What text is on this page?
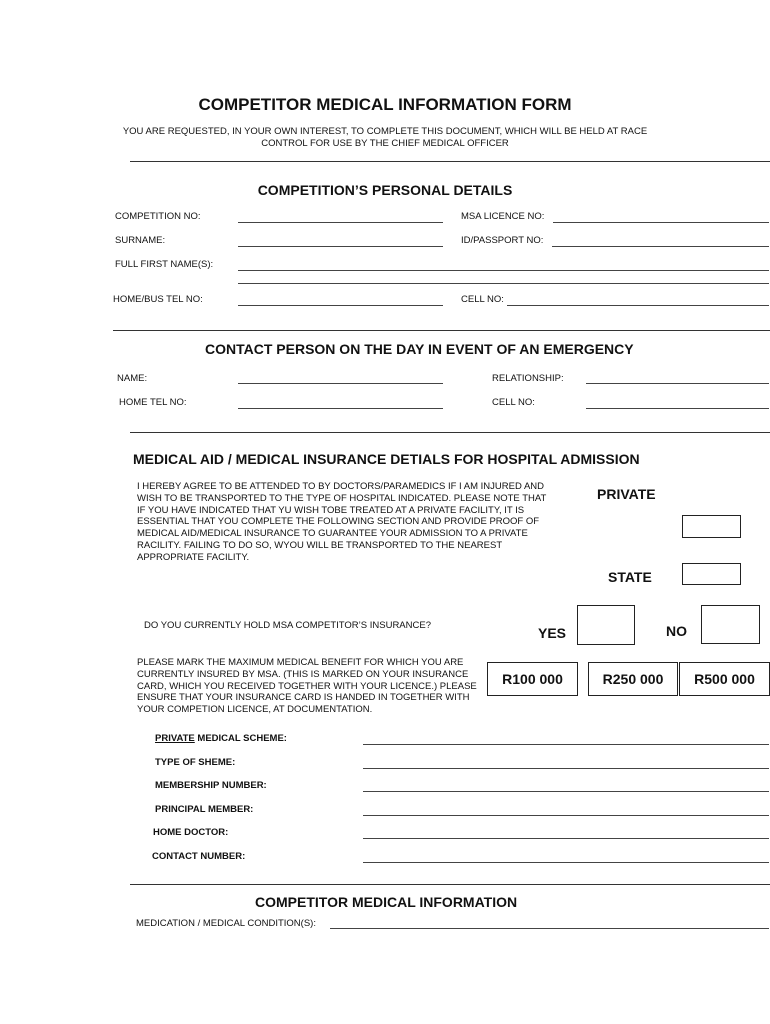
COMPETITOR MEDICAL INFORMATION FORM
YOU ARE REQUESTED, IN YOUR OWN INTEREST, TO COMPLETE THIS DOCUMENT, WHICH WILL BE HELD AT RACE CONTROL FOR USE BY THE CHIEF MEDICAL OFFICER
COMPETITION’S PERSONAL DETAILS
COMPETITION NO:	MSA LICENCE NO:
SURNAME:	ID/PASSPORT NO:
FULL FIRST NAME(S):
HOME/BUS TEL NO:	CELL NO:
CONTACT PERSON ON THE DAY IN EVENT OF AN EMERGENCY
NAME:	RELATIONSHIP:
HOME TEL NO:	CELL NO:
MEDICAL AID / MEDICAL INSURANCE DETIALS FOR HOSPITAL ADMISSION
I HEREBY AGREE TO BE ATTENDED TO BY DOCTORS/PARAMEDICS IF I AM INJURED AND WISH TO BE TRANSPORTED TO THE TYPE OF HOSPITAL INDICATED. PLEASE NOTE THAT IF YOU HAVE INDICATED THAT YU WISH TOBE TREATED AT A PRIVATE FACILITY, IT IS ESSENTIAL THAT YOU COMPLETE THE FOLLOWING SECTION AND PROVIDE PROOF OF MEDICAL AID/MEDICAL INSURANCE TO GUARANTEE YOUR ADMISSION TO A PRIVATE RACILITY. FAILING TO DO SO, WYOU WILL BE TRANSPORTED TO THE NEAREST APPROPRIATE FACILITY.
PRIVATE
STATE
DO YOU CURRENTLY HOLD MSA COMPETITOR’S INSURANCE?	YES	NO
PLEASE MARK THE MAXIMUM MEDICAL BENEFIT FOR WHICH YOU ARE CURRENTLY INSURED BY MSA. (THIS IS MARKED ON YOUR INSURANCE CARD, WHICH YOU RECEIVED TOGETHER WITH YOUR LICENCE.) PLEASE ENSURE THAT YOUR INSURANCE CARD IS HANDED IN TOGETHER WITH YOUR COMPETION LICENCE, AT DOCUMENTATION.
R100 000	R250 000	R500 000
PRIVATE MEDICAL SCHEME:
TYPE OF SHEME:
MEMBERSHIP NUMBER:
PRINCIPAL MEMBER:
HOME DOCTOR:
CONTACT NUMBER:
COMPETITOR MEDICAL INFORMATION
MEDICATION / MEDICAL CONDITION(S):
